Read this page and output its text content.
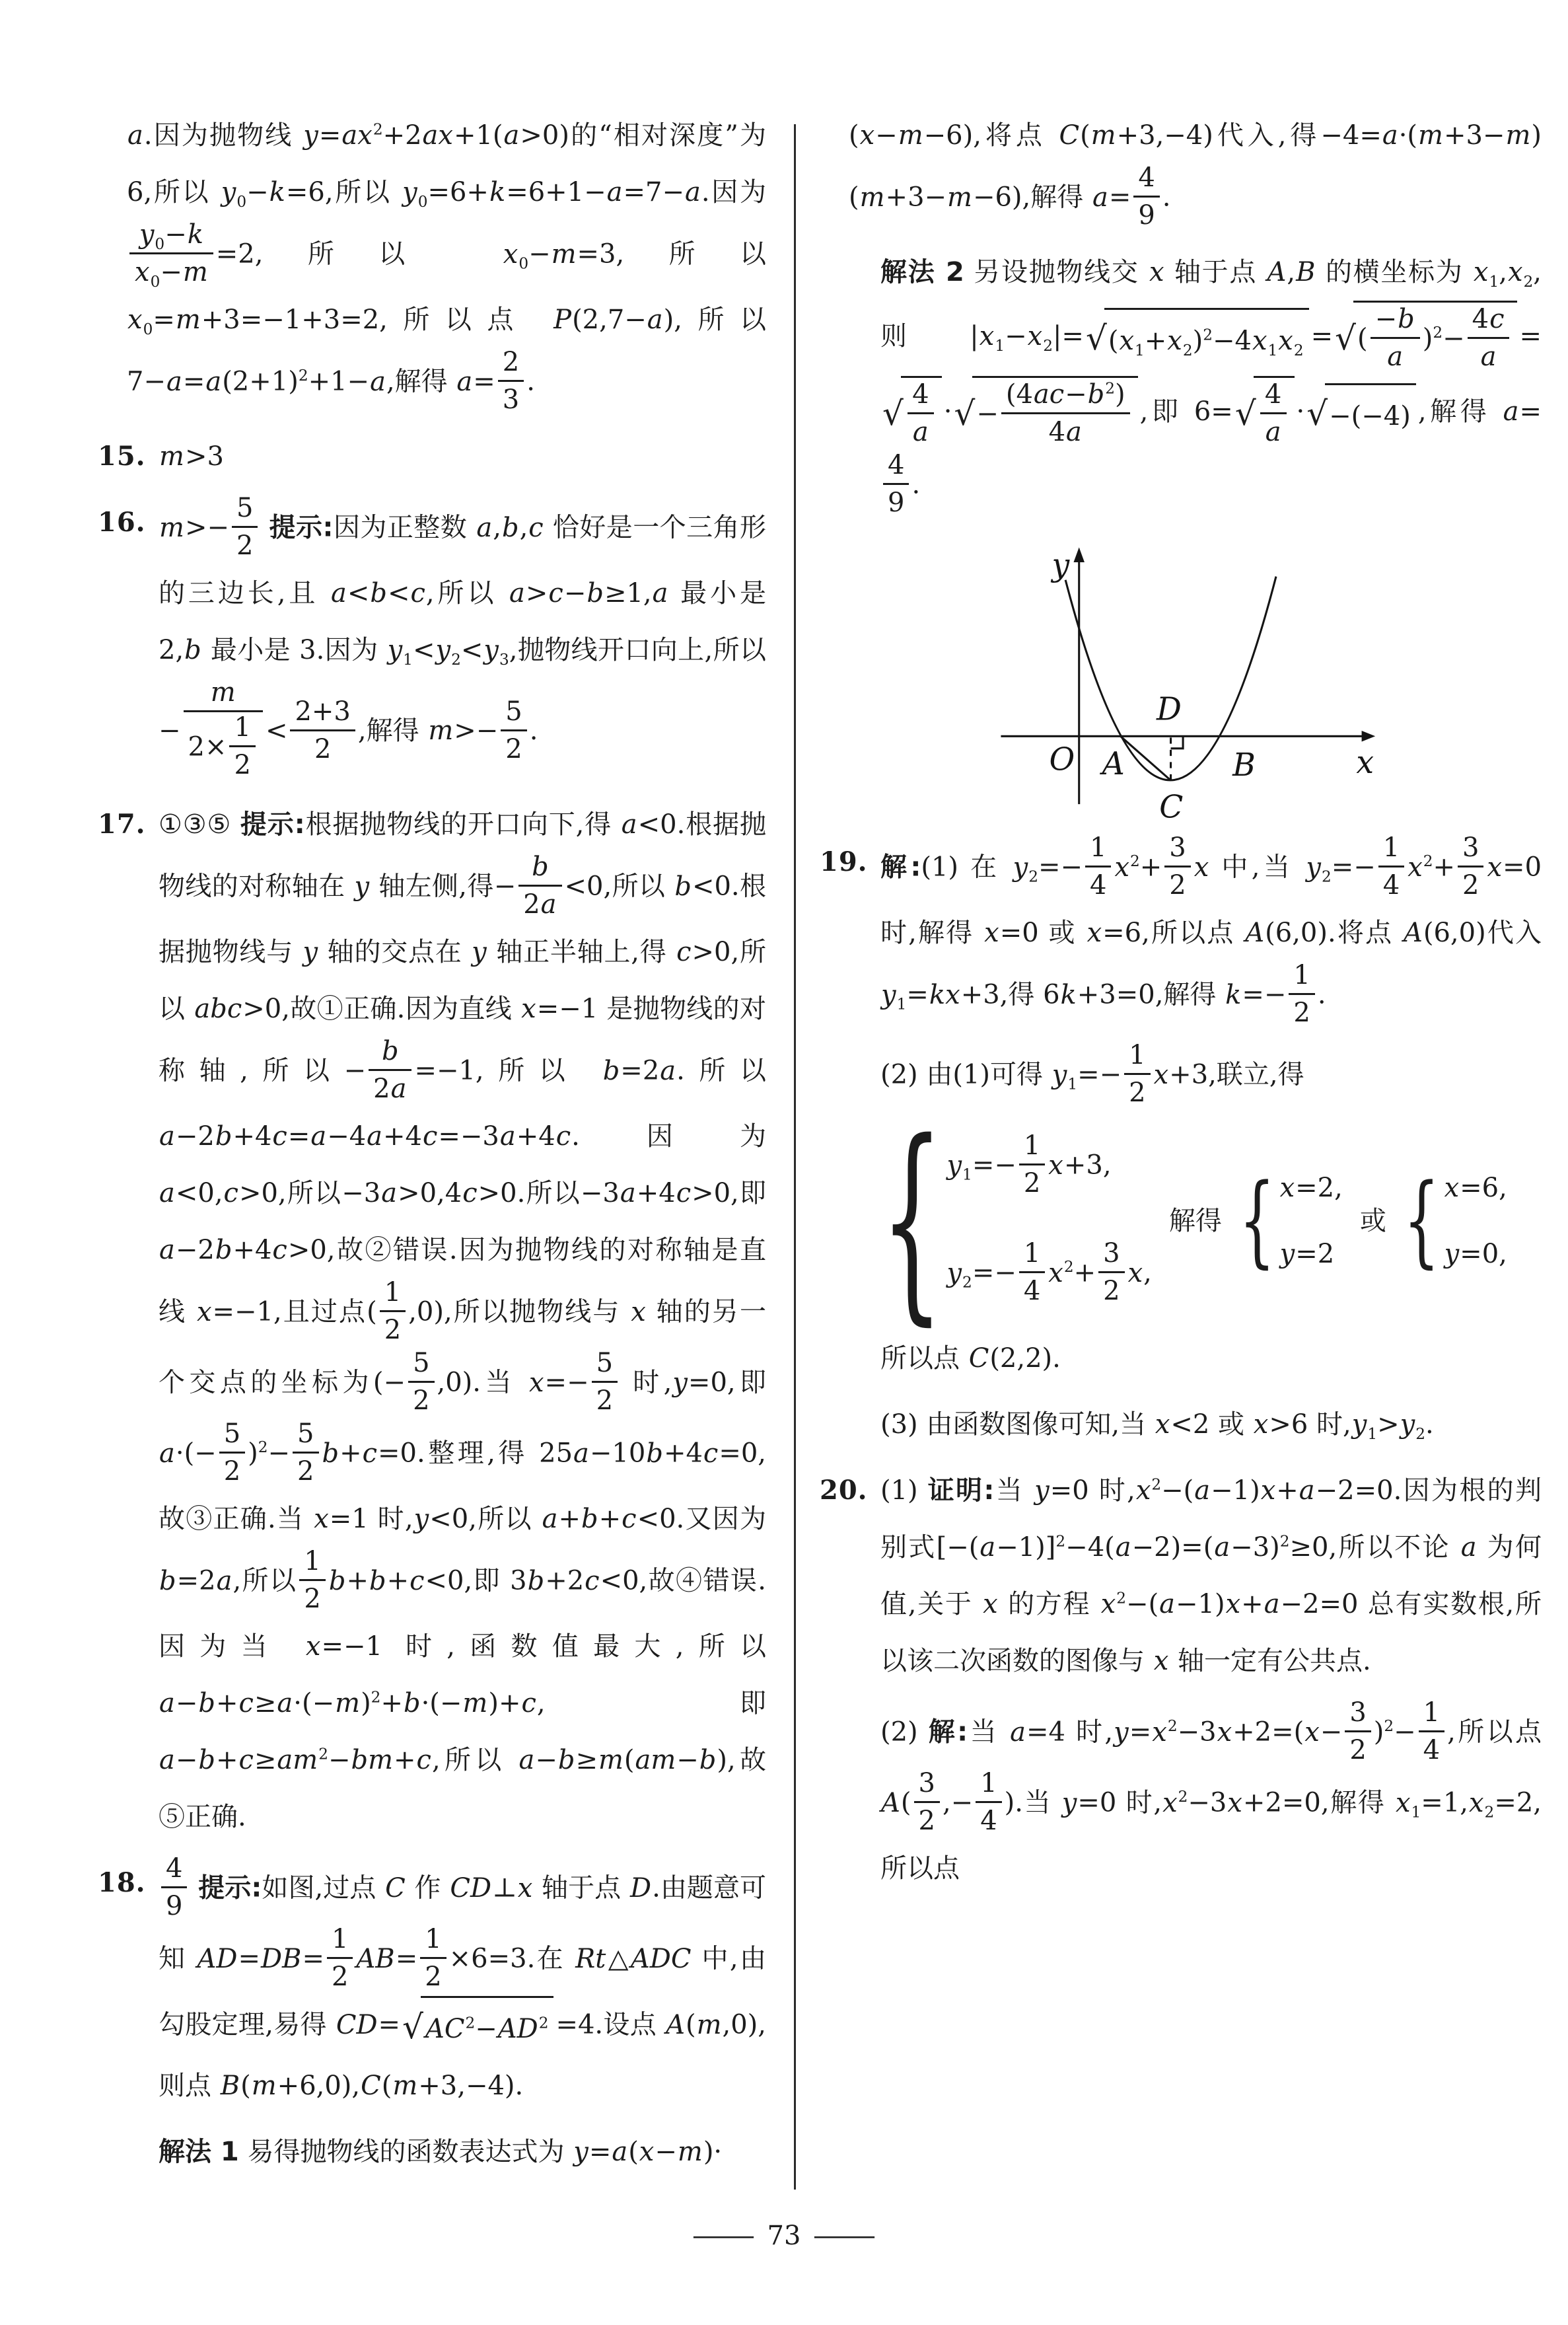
a.因为抛物线 $y=ax^2+2ax+1(a>0)$的“相对深度”为 6,所以 $y_0-k=6$,所以 $y_0=6+k=6+1-a=7-a$.因为
$\frac{y_0-k}{x_0-m} =2$,所以 $x_0-m=3$,所以 $x_0=m+3=-1+3=2$,所以点 P(2,7−a),所以 $7-a=a(2+1)^2+1-a$,解得 $a= \frac{2}{3}$ .
15. m>3
16. $m>- \frac{5}{2}$ 提示:因为正整数 a,b,c 恰好是一个三角形的三边长,且 a<b<c,所以 a>c−b≥1,a 最小是 2,b 最小是 3.因为 $y_1<y_2<y_3$,抛物线开口向上,所以− $\frac{m}{2\times \frac{1}{2}} < \frac{2+3}{2}$ ,解得 $m>- \frac{5}{2}$ .
17. ①③⑤ 提示:根据抛物线的开口向下,得 a<0.根据抛物线的对称轴在 y 轴左侧,得− $\frac{b}{2a} <0$,所以 b<0.根据抛物线与 y 轴的交点在 y 轴正半轴上,得 c>0,所以 abc>0,故①正确.因为直线 x=−1 是抛物线的对称轴,所以− $\frac{b}{2a} =-1$,所以 b=2a.所以 a−2b+4c=a−4a+4c=−3a+4c.因为 a<0,c>0,所以−3a>0,4c>0.所以−3a+4c>0,即 a−2b+4c>0,故②错误.因为抛物线的对称轴是直线 x=−1,且过点( $\frac{1}{2} ,0$),所以抛物线与 x 轴的另一个交点的坐标为(− $\frac{5}{2} ,0$).当 $x=- \frac{5}{2}$ 时,y=0,即 $a\cdot(- \frac{5}{2} )^2- \frac{5}{2} b+c=0$.整理,得 25a−10b+4c=0,故③正确.当 x=1 时,y<0,所以 a+b+c<0.又因为 b=2a,所以 $\frac{1}{2} b+b+c<0$,即 3b+2c<0,故④错误.因为当 x=−1 时,函数值最大,所以 $a-b+c\ge a\cdot(-m)^2+b\cdot(-m)+c$,即 $a-b+c\ge am^2-bm+c$,所以 a−b≥m(am−b),故⑤正确.
18. $\frac{4}{9}$ 提示:如图,过点 C 作 CD⊥x 轴于点 D.由题意可知 $AD=DB= \frac{1}{2} AB= \frac{1}{2} \times 6=3$.在 Rt△ADC 中,由勾股定理,易得 CD= √ $AC^2-AD^2 =4$.设点 A(m,0),则点 B(m+6,0),C(m+3,−4).
解法 1 易得抛物线的函数表达式为 y=a(x−m)·
(x−m−6),将点 C(m+3,−4)代入,得−4=a·(m+3−m)(m+3−m−6),解得 $a= \frac{4}{9}$ .
解法 2 另设抛物线交 x 轴于点 A,B 的横坐标为 $x_1,x_2$,则$|x_1-x_2|=$ √ $(x_1+x_2)^2-4x_1x_2$ = √ ( $\frac{-b}{a} )^2- \frac{4c}{a}$ =
√ $\frac{4}{a}$ · √ − $\frac{(4ac-b^2)}{4a}$ ,即 6= √ $\frac{4}{a}$ · √ −(−4) ,解得 a=
$\frac{4}{9}$ .
y
x
O A	B
D
C
19. 解:(1) 在 $y_2=- \frac{1}{4} x^2+ \frac{3}{2}$ x 中,当 $y_2=- \frac{1}{4} x^2+ \frac{3}{2} x=0$ 时,解得 x=0 或 x=6,所以点 A(6,0).将点 A(6,0)代入 $y_1=kx+3$,得 6k+3=0,解得 $k=- \frac{1}{2}$ .
(2) 由(1)可得 $y_1=- \frac{1}{2} x+3$,联立,得
{ $y_1=- \frac{1}{2} x+3$,
$y_2=- \frac{1}{4} x^2+ \frac{3}{2} x$,
解得 { x=2,
y=2
或 { x=6,
y=0,
所以点 C(2,2).
(3) 由函数图像可知,当 x<2 或 x>6 时$,y_1>y_2$.
20. (1) 证明:当 y=0 时$,x^2-(a-1)x+a-2=0$.因为根的判别式$[-(a-1)]^2-4(a-2)=(a-3)^2\ge 0$,所以不论 a 为何值,关于 x 的方程 $x^2-(a-1)x+a-2=0$ 总有实数根,所以该二次函数的图像与 x 轴一定有公共点.
(2) 解:当 a=4 时$,y=x^2-3x+2=(x- \frac{3}{2} )^2- \frac{1}{4}$ ,所以点 $A( \frac{3}{2}$ ,− $\frac{1}{4}$ ).当 y=0 时$,x^2-3x+2=0$,解得 $x_1=1,x_2=2$,所以点
— 73 —
